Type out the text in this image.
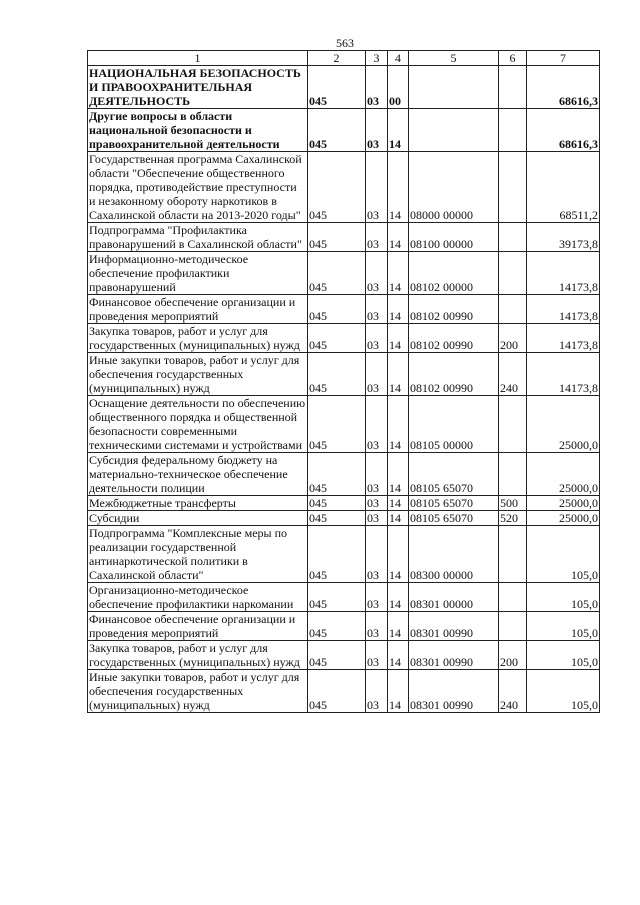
563
1	2	3	4	5	6	7
НАЦИОНАЛЬНАЯ БЕЗОПАСНОСТЬ И ПРАВООХРАНИТЕЛЬНАЯ ДЕЯТЕЛЬНОСТЬ	045	03	00			68616,3
Другие вопросы в области национальной безопасности и правоохранительной деятельности	045	03	14			68616,3
Государственная программа Сахалинской области "Обеспечение общественного порядка, противодействие преступности и незаконному обороту наркотиков в Сахалинской области на 2013-2020 годы"	045	03	14	08000 00000		68511,2
Подпрограмма "Профилактика правонарушений в Сахалинской области"	045	03	14	08100 00000		39173,8
Информационно-методическое обеспечение профилактики правонарушений	045	03	14	08102 00000		14173,8
Финансовое обеспечение организации и проведения мероприятий	045	03	14	08102 00990		14173,8
Закупка товаров, работ и услуг для государственных (муниципальных) нужд	045	03	14	08102 00990	200	14173,8
Иные закупки товаров, работ и услуг для обеспечения государственных (муниципальных) нужд	045	03	14	08102 00990	240	14173,8
Оснащение деятельности по обеспечению общественного порядка и общественной безопасности современными техническими системами и устройствами	045	03	14	08105 00000		25000,0
Субсидия федеральному бюджету на материально-техническое обеспечение деятельности полиции	045	03	14	08105 65070		25000,0
Межбюджетные трансферты	045	03	14	08105 65070	500	25000,0
Субсидии	045	03	14	08105 65070	520	25000,0
Подпрограмма "Комплексные меры по реализации государственной антинаркотической политики в Сахалинской области"	045	03	14	08300 00000		105,0
Организационно-методическое обеспечение профилактики наркомании	045	03	14	08301 00000		105,0
Финансовое обеспечение организации и проведения мероприятий	045	03	14	08301 00990		105,0
Закупка товаров, работ и услуг для государственных (муниципальных) нужд	045	03	14	08301 00990	200	105,0
Иные закупки товаров, работ и услуг для обеспечения государственных (муниципальных) нужд	045	03	14	08301 00990	240	105,0
